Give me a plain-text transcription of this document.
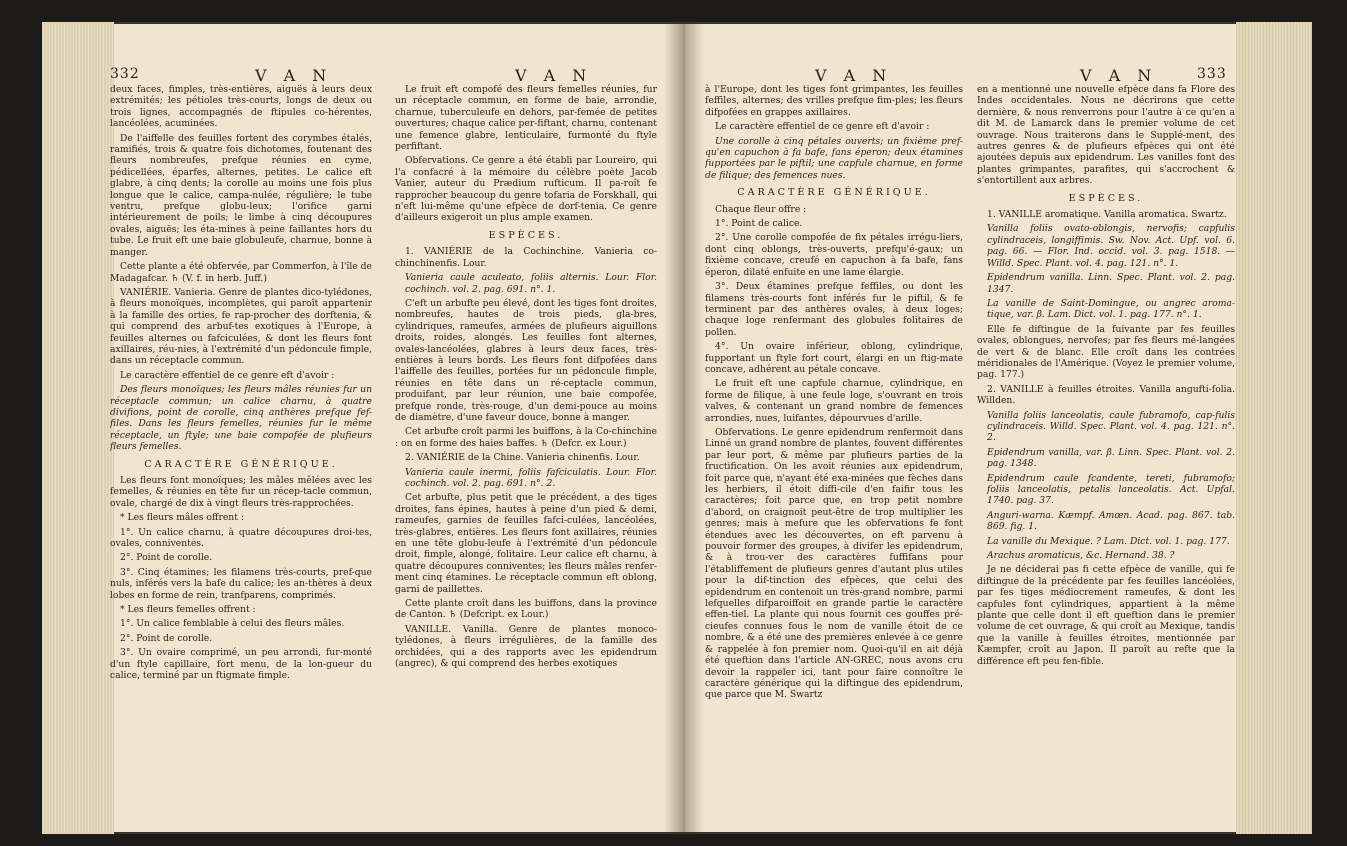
332	V A N	V A N

deux faces, fimples, très-entières, aiguës à leurs deux extrémités; les pétioles très-courts, longs de deux ou trois lignes, accompagnés de ftipules co-hérentes, lancéolées, acuminées.

De l'aiffelle des feuilles fortent des corymbes étalés, ramifiés, trois & quatre fois dichotomes, foutenant des fleurs nombreufes, prefque réunies en cyme, pédicellées, éparfes, alternes, petites. Le calice eft glabre, à cinq dents; la corolle au moins une fois plus longue que le calice, campa-nulée, régulière; le tube ventru, prefque globu-leux; l'orifice garni intérieurement de poils; le limbe à cinq découpures ovales, aiguës; les éta-mines à peine faillantes hors du tube. Le fruit eft une baie globuleufe, charnue, bonne à manger.

Cette plante a été obfervée, par Commerfon, à l'île de Madagafcar. ♄ (V. f. in herb. Juff.)

VANIÉRIE. Vanieria. Genre de plantes dico-tylédones, à fleurs monoïques, incomplètes, qui paroît appartenir à la famille des orties, fe rap-procher des dorftenia, & qui comprend des arbuf-tes exotiques à l'Europe, à feuilles alternes ou fafciculées, & dont les fleurs font axillaires, réu-nies, à l'extrémité d'un pédoncule fimple, dans un réceptacle commun.

Le caractère effentiel de ce genre eft d'avoir :

Des fleurs monoïques; les fleurs mâles réunies fur un réceptacle commun; un calice charnu, à quatre divifions, point de corolle, cinq anthères prefque fef-files. Dans les fleurs femelles, réunies fur le même réceptacle, un ftyle; une baie compofée de plufieurs fleurs femelles.

CARACTÈRE GÉNÉRIQUE.

Les fleurs font monoïques; les mâles mêlées avec les femelles, & réunies en tête fur un récep-tacle commun, ovale, chargé de dix à vingt fleurs très-rapprochées.

* Les fleurs mâles offrent :

1°. Un calice charnu, à quatre découpures droi-tes, ovales, conniventes.

2°. Point de corolle.

3°. Cinq étamines; les filamens très-courts, pref-que nuls, inférés vers la bafe du calice; les an-thères à deux lobes en forme de rein, tranfparens, comprimés.

* Les fleurs femelles offrent :

1°. Un calice femblable à celui des fleurs mâles.

2°. Point de corolle.

3°. Un ovaire comprimé, un peu arrondi, fur-monté d'un ftyle capillaire, fort menu, de la lon-gueur du calice, terminé par un ftigmate fimple.

Le fruit eft compofé des fleurs femelles réunies, fur un réceptacle commun, en forme de baie, arrondie, charnue, tuberculeufe en dehors, par-femée de petites ouvertures; chaque calice per-fiftant, charnu, contenant une femence glabre, lenticulaire, furmonté du ftyle perfiftant.

Obfervations. Ce genre a été établi par Loureiro, qui l'a confacré à la mémoire du célèbre poète Jacob Vanier, auteur du Prædium rufticum. Il pa-roît fe rapprocher beaucoup du genre tofaria de Forskhall, qui n'eft lui-même qu'une efpèce de dorf-tenia. Ce genre d'ailleurs exigeroit un plus ample examen.

ESPÈCES.

1. VANIÉRIE de la Cochinchine. Vanieria co-chinchinenfis. Lour.

Vanieria caule aculeato, foliis alternis. Lour. Flor. cochinch. vol. 2. pag. 691. n°. 1.

C'eft un arbufte peu élevé, dont les tiges font droites, nombreufes, hautes de trois pieds, gla-bres, cylindriques, rameufes, armées de plufieurs aiguillons droits, roides, alongés. Les feuilles font alternes, ovales-lancéolées, glabres à leurs deux faces, très-entières à leurs bords. Les fleurs font difpofées dans l'aiffelle des feuilles, portées fur un pédoncule fimple, réunies en tête dans un ré-ceptacle commun, produifant, par leur réunion, une baie compofée, prefque ronde, très-rouge, d'un demi-pouce au moins de diamètre, d'une faveur douce, bonne à manger.

Cet arbufte croît parmi les buiffons, à la Co-chinchine : on en forme des haies baffes. ♄ (Defcr. ex Lour.)

2. VANIÉRIE de la Chine. Vanieria chinenfis. Lour.

Vanieria caule inermi, foliis fafciculatis. Lour. Flor. cochinch. vol. 2. pag. 691. n°. 2.

Cet arbufte, plus petit que le précédent, a des tiges droites, fans épines, hautes à peine d'un pied & demi, rameufes, garnies de feuilles fafci-culées, lancéolées, très-glabres, entières. Les fleurs font axillaires, réunies en une tête globu-leufe à l'extrémité d'un pédoncule droit, fimple, alongé, folitaire. Leur calice eft charnu, à quatre découpures conniventes; les fleurs mâles renfer-ment cinq étamines. Le réceptacle commun eft oblong, garni de paillettes.

Cette plante croît dans les buiffons, dans la province de Canton. ♄ (Defcript. ex Lour.)

VANILLE. Vanilla. Genre de plantes monoco-tylédones, à fleurs irrégulières, de la famille des orchidées, qui a des rapports avec les epidendrum (angrec), & qui comprend des herbes exotiques

V A N	V A N	333

à l'Europe, dont les tiges font grimpantes, les feuilles feffiles, alternes; des vrilles prefque fim-ples; les fleurs difpofées en grappes axillaires.

Le caractère effentiel de ce genre eft d'avoir :

Une corolle à cinq pétales ouverts; un fixième pref-qu'en capuchon à fa bafe, fans éperon; deux étamines fupportées par le piftil; une capfule charnue, en forme de filique; des femences nues.

CARACTÈRE GÉNÉRIQUE.

Chaque fleur offre :

1°. Point de calice.

2°. Une corolle compofée de fix pétales irrégu-liers, dont cinq oblongs, très-ouverts, prefqu'é-gaux; un fixième concave, creufé en capuchon à fa bafe, fans éperon, dilaté enfuite en une lame élargie.

3°. Deux étamines prefque feffiles, ou dont les filamens très-courts font inférés fur le piftil, & fe terminent par des anthères ovales, à deux loges; chaque loge renfermant des globules folitaires de pollen.

4°. Un ovaire inférieur, oblong, cylindrique, fupportant un ftyle fort court, élargi en un ftig-mate concave, adhérent au pétale concave.

Le fruit eft une capfule charnue, cylindrique, en forme de filique, à une feule loge, s'ouvrant en trois valves, & contenant un grand nombre de femences arrondies, nues, luifantes, dépourvues d'arille.

Obfervations. Le genre epidendrum renfermoit dans Linné un grand nombre de plantes, fouvent différentes par leur port, & même par plufieurs parties de la fructification. On les avoit réunies aux epidendrum, foit parce que, n'ayant été exa-minées que fèches dans les herbiers, il étoit diffi-cile d'en faifir tous les caractères; foit parce que, en trop petit nombre d'abord, on craignoit peut-être de trop multiplier les genres; mais à mefure que les obfervations fe font étendues avec les découvertes, on eft parvenu à pouvoir former des groupes, à divifer les epidendrum, & à trou-ver des caractères fuffifans pour l'établiffement de plufieurs genres d'autant plus utiles pour la dif-tinction des efpèces, que celui des epidendrum en contenoit un très-grand nombre, parmi lefquelles difparoiffoit en grande partie le caractère effen-tiel. La plante qui nous fournit ces gouffes pré-cieufes connues fous le nom de vanille étoit de ce nombre, & a été une des premières enlevée à ce genre & rappelée à fon premier nom. Quoi-qu'il en ait déjà été queftion dans l'article AN-GREC, nous avons cru devoir la rappeler ici, tant pour faire connoître le caractère générique qui la diftingue des epidendrum, que parce que M. Swartz

en a mentionné une nouvelle efpèce dans fa Flore des Indes occidentales. Nous ne décrirons que cette dernière, & nous renverrons pour l'autre à ce qu'en a dit M. de Lamarck dans le premier volume de cet ouvrage. Nous traiterons dans le Supplé-ment, des autres genres & de plufieurs efpèces qui ont été ajoutées depuis aux epidendrum. Les vanilles font des plantes grimpantes, parafites, qui s'accrochent & s'entortillent aux arbres.

ESPÈCES.

1. VANILLE aromatique. Vanilla aromatica. Swartz.

Vanilla foliis ovato-oblongis, nervofis; capfulis cylindraceis, longiffimis. Sw. Nov. Act. Upf. vol. 6. pag. 66. — Flor. Ind. occid. vol. 3. pag. 1518. — Willd. Spec. Plant. vol. 4. pag. 121. n°. 1.

Epidendrum vanilla. Linn. Spec. Plant. vol. 2. pag. 1347.

La vanille de Saint-Domingue, ou angrec aroma-tique, var. β. Lam. Dict. vol. 1. pag. 177. n°. 1.

Elle fe diftingue de la fuivante par fes feuilles ovales, oblongues, nervofes; par fes fleurs mé-langées de vert & de blanc. Elle croît dans les contrées méridionales de l'Amérique. (Voyez le premier volume, pag. 177.)

2. VANILLE à feuilles étroites. Vanilla angufti-folia. Willden.

Vanilla foliis lanceolatis, caule fubramofo, cap-fulis cylindraceis. Willd. Spec. Plant. vol. 4. pag. 121. n°. 2.

Epidendrum vanilla, var. β. Linn. Spec. Plant. vol. 2. pag. 1348.

Epidendrum caule fcandente, tereti, fubramofo; foliis lanceolatis, petalis lanceolatis. Act. Upfal. 1740. pag. 37.

Anguri-warna. Kæmpf. Amœn. Acad. pag. 867. tab. 869. fig. 1.

La vanille du Mexique. ? Lam. Dict. vol. 1. pag. 177.

Arachus aromaticus, &c. Hernand. 38. ?

Je ne déciderai pas fi cette efpèce de vanille, qui fe diftingue de la précédente par fes feuilles lancéolées, par fes tiges médiocrement rameufes, & dont les capfules font cylindriques, appartient à la même plante que celle dont il eft queftion dans le premier volume de cet ouvrage, & qui croît au Mexique, tandis que la vanille à feuilles étroites, mentionnée par Kæmpfer, croît au Japon. Il paroît au refte que la différence eft peu fen-fible.
